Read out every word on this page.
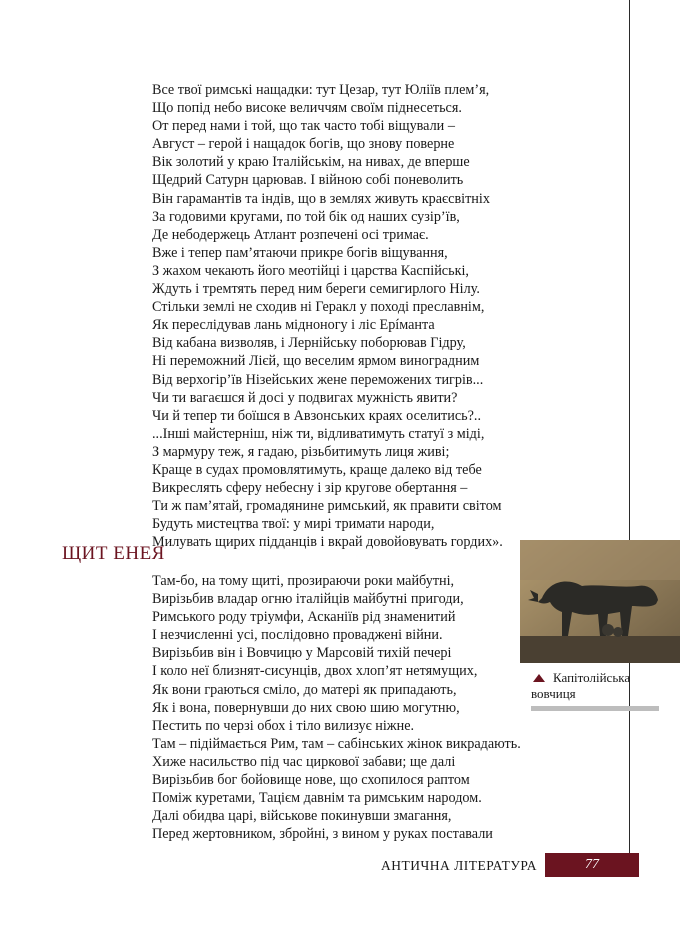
Все твої римські нащадки: тут Цезар, тут Юліїв плем’я,
Що попід небо високе величчям своїм піднесеться.
От перед нами і той, що так часто тобі віщували –
Август – герой і нащадок богів, що знову поверне
Вік золотий у краю Італійськім, на нивах, де вперше
Щедрий Сатурн царював. І війною собі поневолить
Він гарамантів та індів, що в землях живуть краєсвітніх
За годовими кругами, по той бік од наших сузір’їв,
Де небодержець Атлант розпечені осі тримає.
Вже і тепер пам’ятаючи прикре богів віщування,
З жахом чекають його меотійці і царства Каспійські,
Ждуть і тремтять перед ним береги семигирлого Нілу.
Стільки землі не сходив ні Геракл у поході преславнім,
Як переслідував лань мідноногу і ліс Ерíманта
Від кабана визволяв, і Лернійську поборював Гідру,
Ні переможний Лієй, що веселим ярмом виноградним
Від верхогір’їв Нізейських жене переможених тигрів...
Чи ти вагаєшся й досі у подвигах мужність явити?
Чи й тепер ти боїшся в Авзонських краях оселитись?..
...Інші майстерніш, ніж ти, відливатимуть статуї з міді,
З мармуру теж, я гадаю, різьбитимуть лиця живі;
Краще в судах промовлятимуть, краще далеко від тебе
Викреслять сферу небесну і зір кругове обертання –
Ти ж пам’ятай, громадянине римський, як правити світом
Будуть мистецтва твої: у мирі тримати народи,
Милувать щирих підданців і вкрай довойовувать гордих».
ЩИТ ЕНЕЯ
Там-бо, на тому щиті, прозираючи роки майбутні,
Вирізьбив владар огню італійців майбутні пригоди,
Римського роду тріумфи, Асканіїв рід знаменитий
І незчисленні усі, послідовно провадженi війни.
Вирізьбив він і Вовчицю у Марсовій тихій печері
І коло неї близнят-сисунців, двох хлоп’ят нетямущих,
Як вони граються сміло, до матері як припадають,
Як і вона, повернувши до них свою шию могутню,
Пестить по черзі обох і тіло вилизує ніжне.
Там – підіймається Рим, там – сабінських жінок викрадають.
Хиже насильство під час циркової забави; ще далі
Вирізьбив бог бойовище нове, що схопилося раптом
Поміж куретами, Тацієм давнім та римським народом.
Далі обидва царі, військове покинувши змагання,
Перед жертовником, збройні, з вином у руках поставали
Капітолійська вовчиця
АНТИЧНА ЛІТЕРАТУРА	77
